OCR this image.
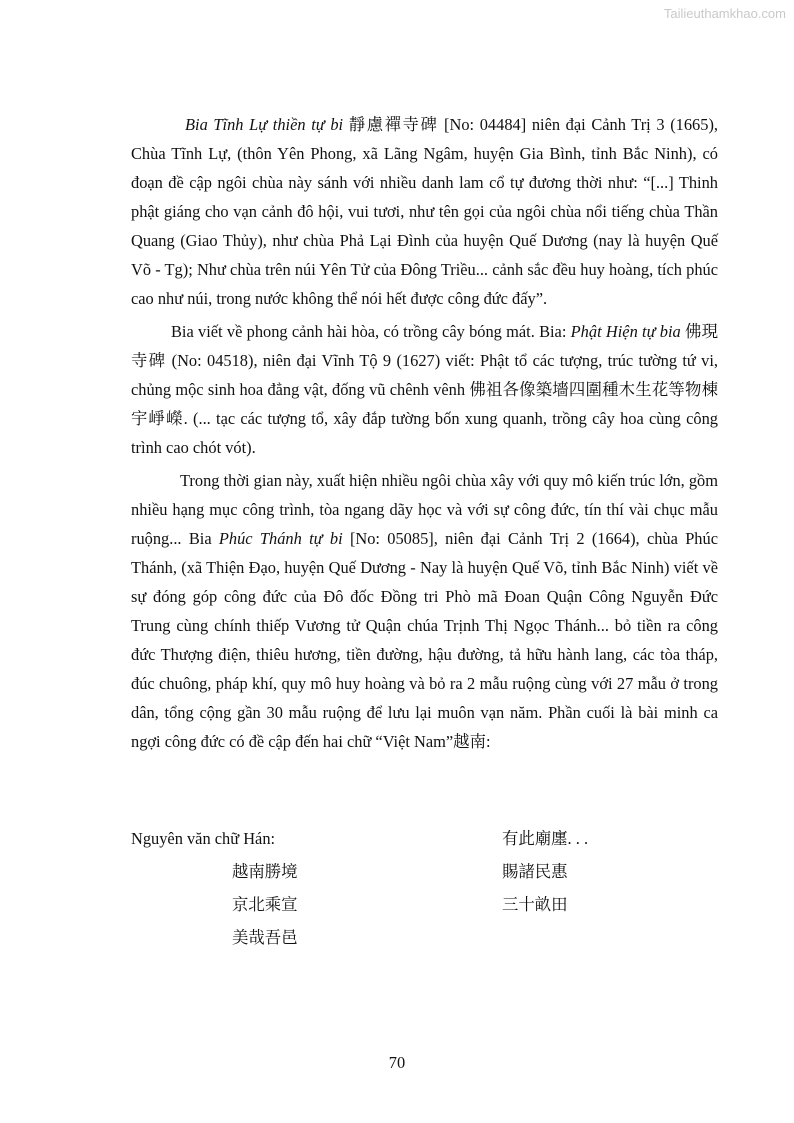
Tailieuthamkhao.com

Bia Tĩnh Lự thiền tự bi 靜慮禪寺碑 [No: 04484] niên đại Cảnh Trị 3 (1665), Chùa Tĩnh Lự, (thôn Yên Phong, xã Lãng Ngâm, huyện Gia Bình, tỉnh Bắc Ninh), có đoạn đề cập ngôi chùa này sánh với nhiều danh lam cổ tự đương thời như: “[...] Thinh phật giáng cho vạn cảnh đô hội, vui tươi, như tên gọi của ngôi chùa nổi tiếng chùa Thần Quang (Giao Thủy), như chùa Phả Lại Đình của huyện Quế Dương (nay là huyện Quế Võ - Tg); Như chùa trên núi Yên Tử của Đông Triều... cảnh sắc đều huy hoàng, tích phúc cao như núi, trong nước không thể nói hết được công đức đấy”.

Bia viết về phong cảnh hài hòa, có trồng cây bóng mát. Bia: Phật Hiện tự bia 佛現寺碑 (No: 04518), niên đại Vĩnh Tộ 9 (1627) viết: Phật tổ các tượng, trúc tường tứ vi, chủng mộc sinh hoa đẳng vật, đống vũ chênh vênh 佛祖各像築墻四圍種木生花等物棟宇崢嶸. (... tạc các tượng tổ, xây đắp tường bốn xung quanh, trồng cây hoa cùng công trình cao chót vót).

Trong thời gian này, xuất hiện nhiều ngôi chùa xây với quy mô kiến trúc lớn, gồm nhiều hạng mục công trình, tòa ngang dãy học và với sự công đức, tín thí vài chục mẫu ruộng... Bia Phúc Thánh tự bi [No: 05085], niên đại Cảnh Trị 2 (1664), chùa Phúc Thánh, (xã Thiện Đạo, huyện Quế Dương - Nay là huyện Quế Võ, tỉnh Bắc Ninh) viết về sự đóng góp công đức của Đô đốc Đồng tri Phò mã Đoan Quận Công Nguyễn Đức Trung cùng chính thiếp Vương tử Quận chúa Trịnh Thị Ngọc Thánh... bỏ tiền ra công đức Thượng điện, thiêu hương, tiền đường, hậu đường, tả hữu hành lang, các tòa tháp, đúc chuông, pháp khí, quy mô huy hoàng và bỏ ra 2 mẫu ruộng cùng với 27 mẫu ở trong dân, tổng cộng gần 30 mẫu ruộng để lưu lại muôn vạn năm. Phần cuối là bài minh ca ngợi công đức có đề cập đến hai chữ “Việt Nam”越南:

Nguyên văn chữ Hán:
越南勝境
京北乘宣
美哉吾邑
有此廟廛. . .
賜諸民惠
三十畝田
70
